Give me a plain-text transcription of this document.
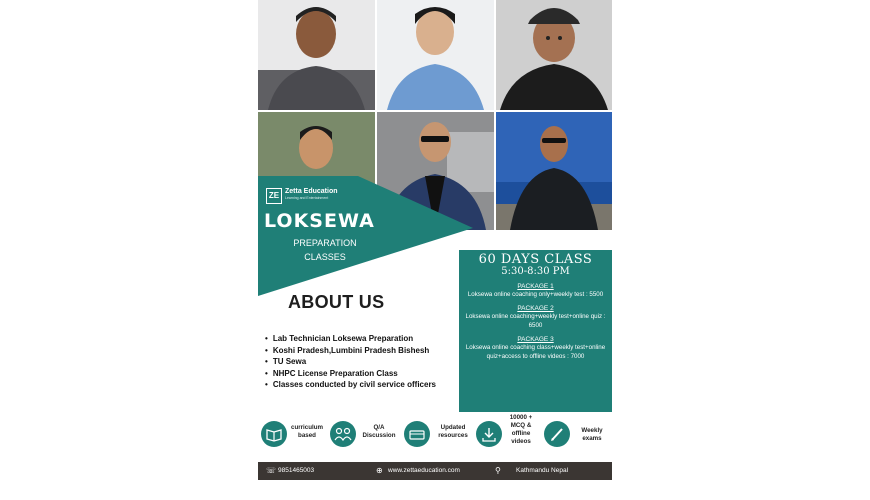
ZE Zetta Education
Learning and Entertainment
LOKSEWA
PREPARATION
CLASSES
ABOUT US
• Lab Technician Loksewa Preparation
• Koshi Pradesh,Lumbini Pradesh Bishesh
• TU Sewa
• NHPC License Preparation Class
• Classes conducted by civil service officers
60 DAYS CLASS
5:30-8:30 PM
PACKAGE 1
Loksewa online coaching only+weekly test : 5500
PACKAGE 2
Loksewa online coaching+weekly test+online quiz : 6500
PACKAGE 3
Loksewa online coaching class+weekly test+online quiz+access to offline videos : 7000
curriculum
based
Q/A
Discussion
Updated
resources
10000 +
MCQ &
offline
videos
Weekly
exams
☏ 9851465003	⊕ www.zettaeducation.com	⚲ Kathmandu Nepal
